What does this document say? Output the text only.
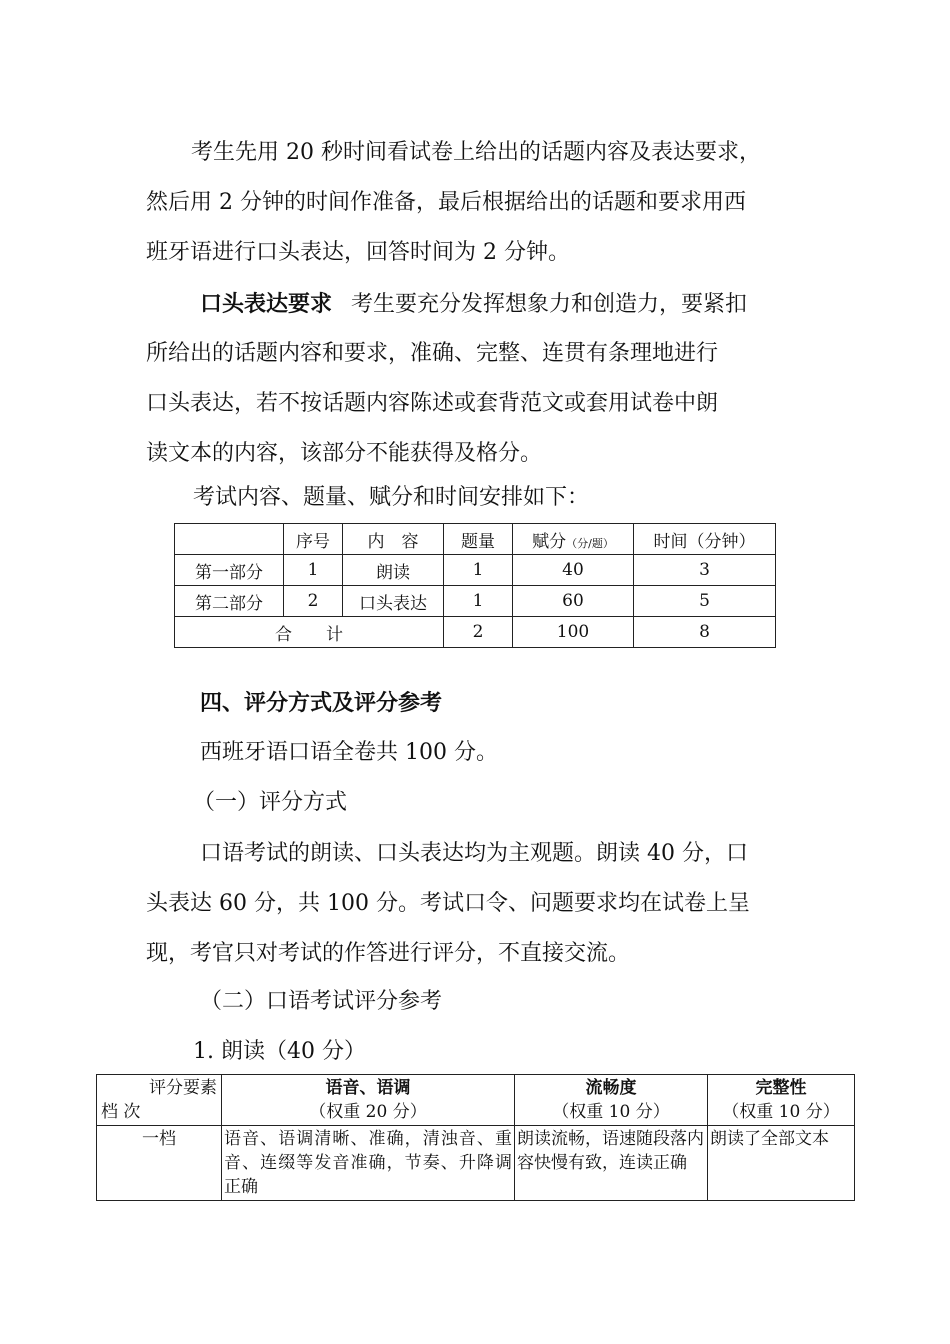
考生先用 20 秒时间看试卷上给出的话题内容及表达要求，

然后用 2 分钟的时间作准备，最后根据给出的话题和要求用西

班牙语进行口头表达，回答时间为 2 分钟。

口头表达要求 考生要充分发挥想象力和创造力，要紧扣

所给出的话题内容和要求，准确、完整、连贯有条理地进行

口头表达，若不按话题内容陈述或套背范文或套用试卷中朗

读文本的内容，该部分不能获得及格分。

考试内容、题量、赋分和时间安排如下：

	序号	内　容	题量	赋分（分/题）	时间（分钟）
第一部分	1	朗读	1	40	3
第二部分	2	口头表达	1	60	5
合　　计			2	100	8

四、评分方式及评分参考

西班牙语口语全卷共 100 分。

（一）评分方式

口语考试的朗读、口头表达均为主观题。朗读 40 分，口

头表达 60 分，共 100 分。考试口令、问题要求均在试卷上呈

现，考官只对考试的作答进行评分，不直接交流。

（二）口语考试评分参考

1. 朗读（40 分）

评分要素
档 次	语音、语调
（权重 20 分）	流畅度
（权重 10 分）	完整性
（权重 10 分）
一档	语音、语调清晰、准确，清浊音、重音、连缀等发音准确，节奏、升降调正确	朗读流畅，语速随段落内容快慢有致，连读正确	朗读了全部文本
